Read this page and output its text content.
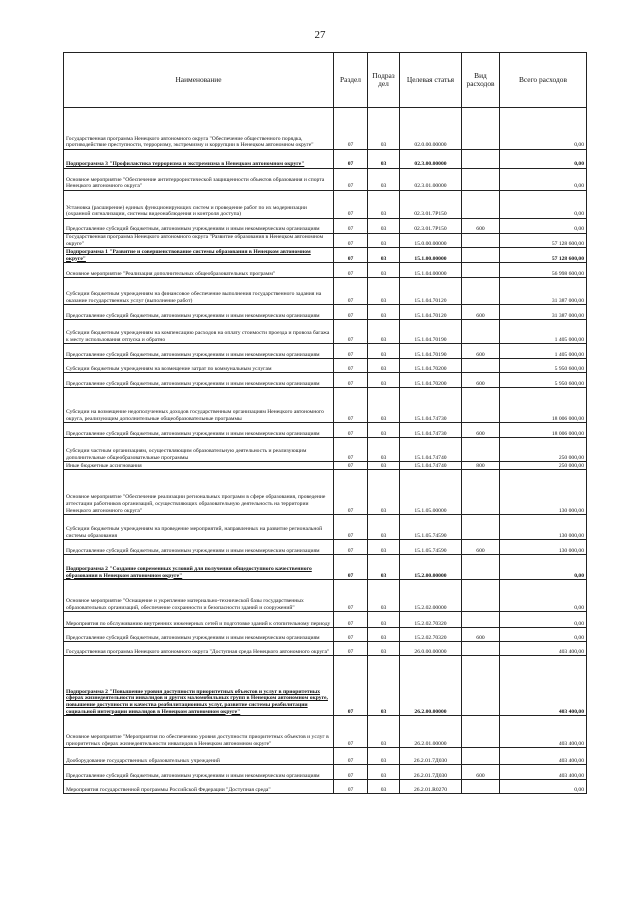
27
Наименование	Раздел	Подраз дел	Целевая статья	Вид расходов	Всего расходов
Государственная программа Ненецкого автономного округа "Обеспечение общественного порядка, противодействие преступности, терроризму, экстремизму и коррупции в Ненецком автономном округе"	07	03	02.0.00.00000		0,00
Подпрограмма 3 "Профилактика терроризма и экстремизма в Ненецком автономном округе"	07	03	02.3.00.00000		0,00
Основное мероприятие "Обеспечение антитеррористической защищенности объектов образования и спорта Ненецкого автономного округа"	07	03	02.3.01.00000		0,00
Установка (расширение) единых функционирующих систем и проведение работ по их модернизации (охранной сигнализации, системы видеонаблюдения и контроля доступа)	07	03	02.3.01.7Р150		0,00
Предоставление субсидий бюджетным, автономным учреждениям и иным некоммерческим организациям	07	03	02.3.01.7Р150	600	0,00
Государственная программа Ненецкого автономного округа "Развитие образования в Ненецком автономном округе"	07	03	15.0.00.00000		57 128 600,00
Подпрограмма 1 "Развитие и совершенствование системы образования в Ненецком автономном округе"	07	03	15.1.00.00000		57 128 600,00
Основное мероприятие "Реализация дополнительных общеобразовательных программ"	07	03	15.1.04.00000		56 998 600,00
Субсидии бюджетным учреждениям на финансовое обеспечение выполнения государственного задания на оказание государственных услуг (выполнение работ)	07	03	15.1.04.70120		31 387 000,00
Предоставление субсидий бюджетным, автономным учреждениям и иным некоммерческим организациям	07	03	15.1.04.70120	600	31 387 000,00
Субсидии бюджетным учреждениям на компенсацию расходов на оплату стоимости проезда и провоза багажа к месту использования отпуска и обратно	07	03	15.1.04.70190		1 405 000,00
Предоставление субсидий бюджетным, автономным учреждениям и иным некоммерческим организациям	07	03	15.1.04.70190	600	1 405 000,00
Субсидии бюджетным учреждениям на возмещение затрат по коммунальным услугам	07	03	15.1.04.70200		5 950 600,00
Предоставление субсидий бюджетным, автономным учреждениям и иным некоммерческим организациям	07	03	15.1.04.70200	600	5 950 600,00
Субсидии на возмещение недополученных доходов государственным организациям Ненецкого автономного округа, реализующим дополнительные общеобразовательные программы	07	03	15.1.04.74730		18 006 000,00
Предоставление субсидий бюджетным, автономным учреждениям и иным некоммерческим организациям	07	03	15.1.04.74730	600	18 006 000,00
Субсидии частным организациям, осуществляющим образовательную деятельность и реализующим дополнительные общеобразовательные программы	07	03	15.1.04.74740		250 000,00
Иные бюджетные ассигнования	07	03	15.1.04.74740	800	250 000,00
Основное мероприятие "Обеспечение реализации региональных программ в сфере образования, проведение аттестации работников организаций, осуществляющих образовательную деятельность на территории Ненецкого автономного округа"	07	03	15.1.05.00000		130 000,00
Субсидии бюджетным учреждениям на проведение мероприятий, направленных на развитие региональной системы образования	07	03	15.1.05.74590		130 000,00
Предоставление субсидий бюджетным, автономным учреждениям и иным некоммерческим организациям	07	03	15.1.05.74590	600	130 000,00
Подпрограмма 2 "Создание современных условий для получения общедоступного качественного образования в Ненецком автономном округе"	07	03	15.2.00.00000		0,00
Основное мероприятие "Оснащение и укрепление материально-технической базы государственных образовательных организаций, обеспечение сохранности и безопасности зданий и сооружений"	07	03	15.2.02.00000		0,00
Мероприятия по обслуживанию внутренних инженерных сетей и подготовке зданий к отопительному периоду	07	03	15.2.02.70320		0,00
Предоставление субсидий бюджетным, автономным учреждениям и иным некоммерческим организациям	07	03	15.2.02.70320	600	0,00
Государственная программа Ненецкого автономного округа "Доступная среда Ненецкого автономного округа"	07	03	26.0.00.00000		403 400,00
Подпрограмма 2 "Повышение уровня доступности приоритетных объектов и услуг в приоритетных сферах жизнедеятельности инвалидов и других маломобильных групп в Ненецком автономном округе, повышение доступности и качества реабилитационных услуг, развитие системы реабилитации социальной интеграции инвалидов в Ненецком автономном округе"	07	03	26.2.00.00000		403 400,00
Основное мероприятие "Мероприятия по обеспечению уровня доступности приоритетных объектов и услуг в приоритетных сферах жизнедеятельности инвалидов в Ненецком автономном округе"	07	03	26.2.01.00000		403 400,00
Дооборудование государственных образовательных учреждений	07	03	26.2.01.7Д030		403 400,00
Предоставление субсидий бюджетным, автономным учреждениям и иным некоммерческим организациям	07	03	26.2.01.7Д030	600	403 400,00
Мероприятия государственной программы Российской Федерации "Доступная среда"	07	03	26.2.01.R0270		0,00
